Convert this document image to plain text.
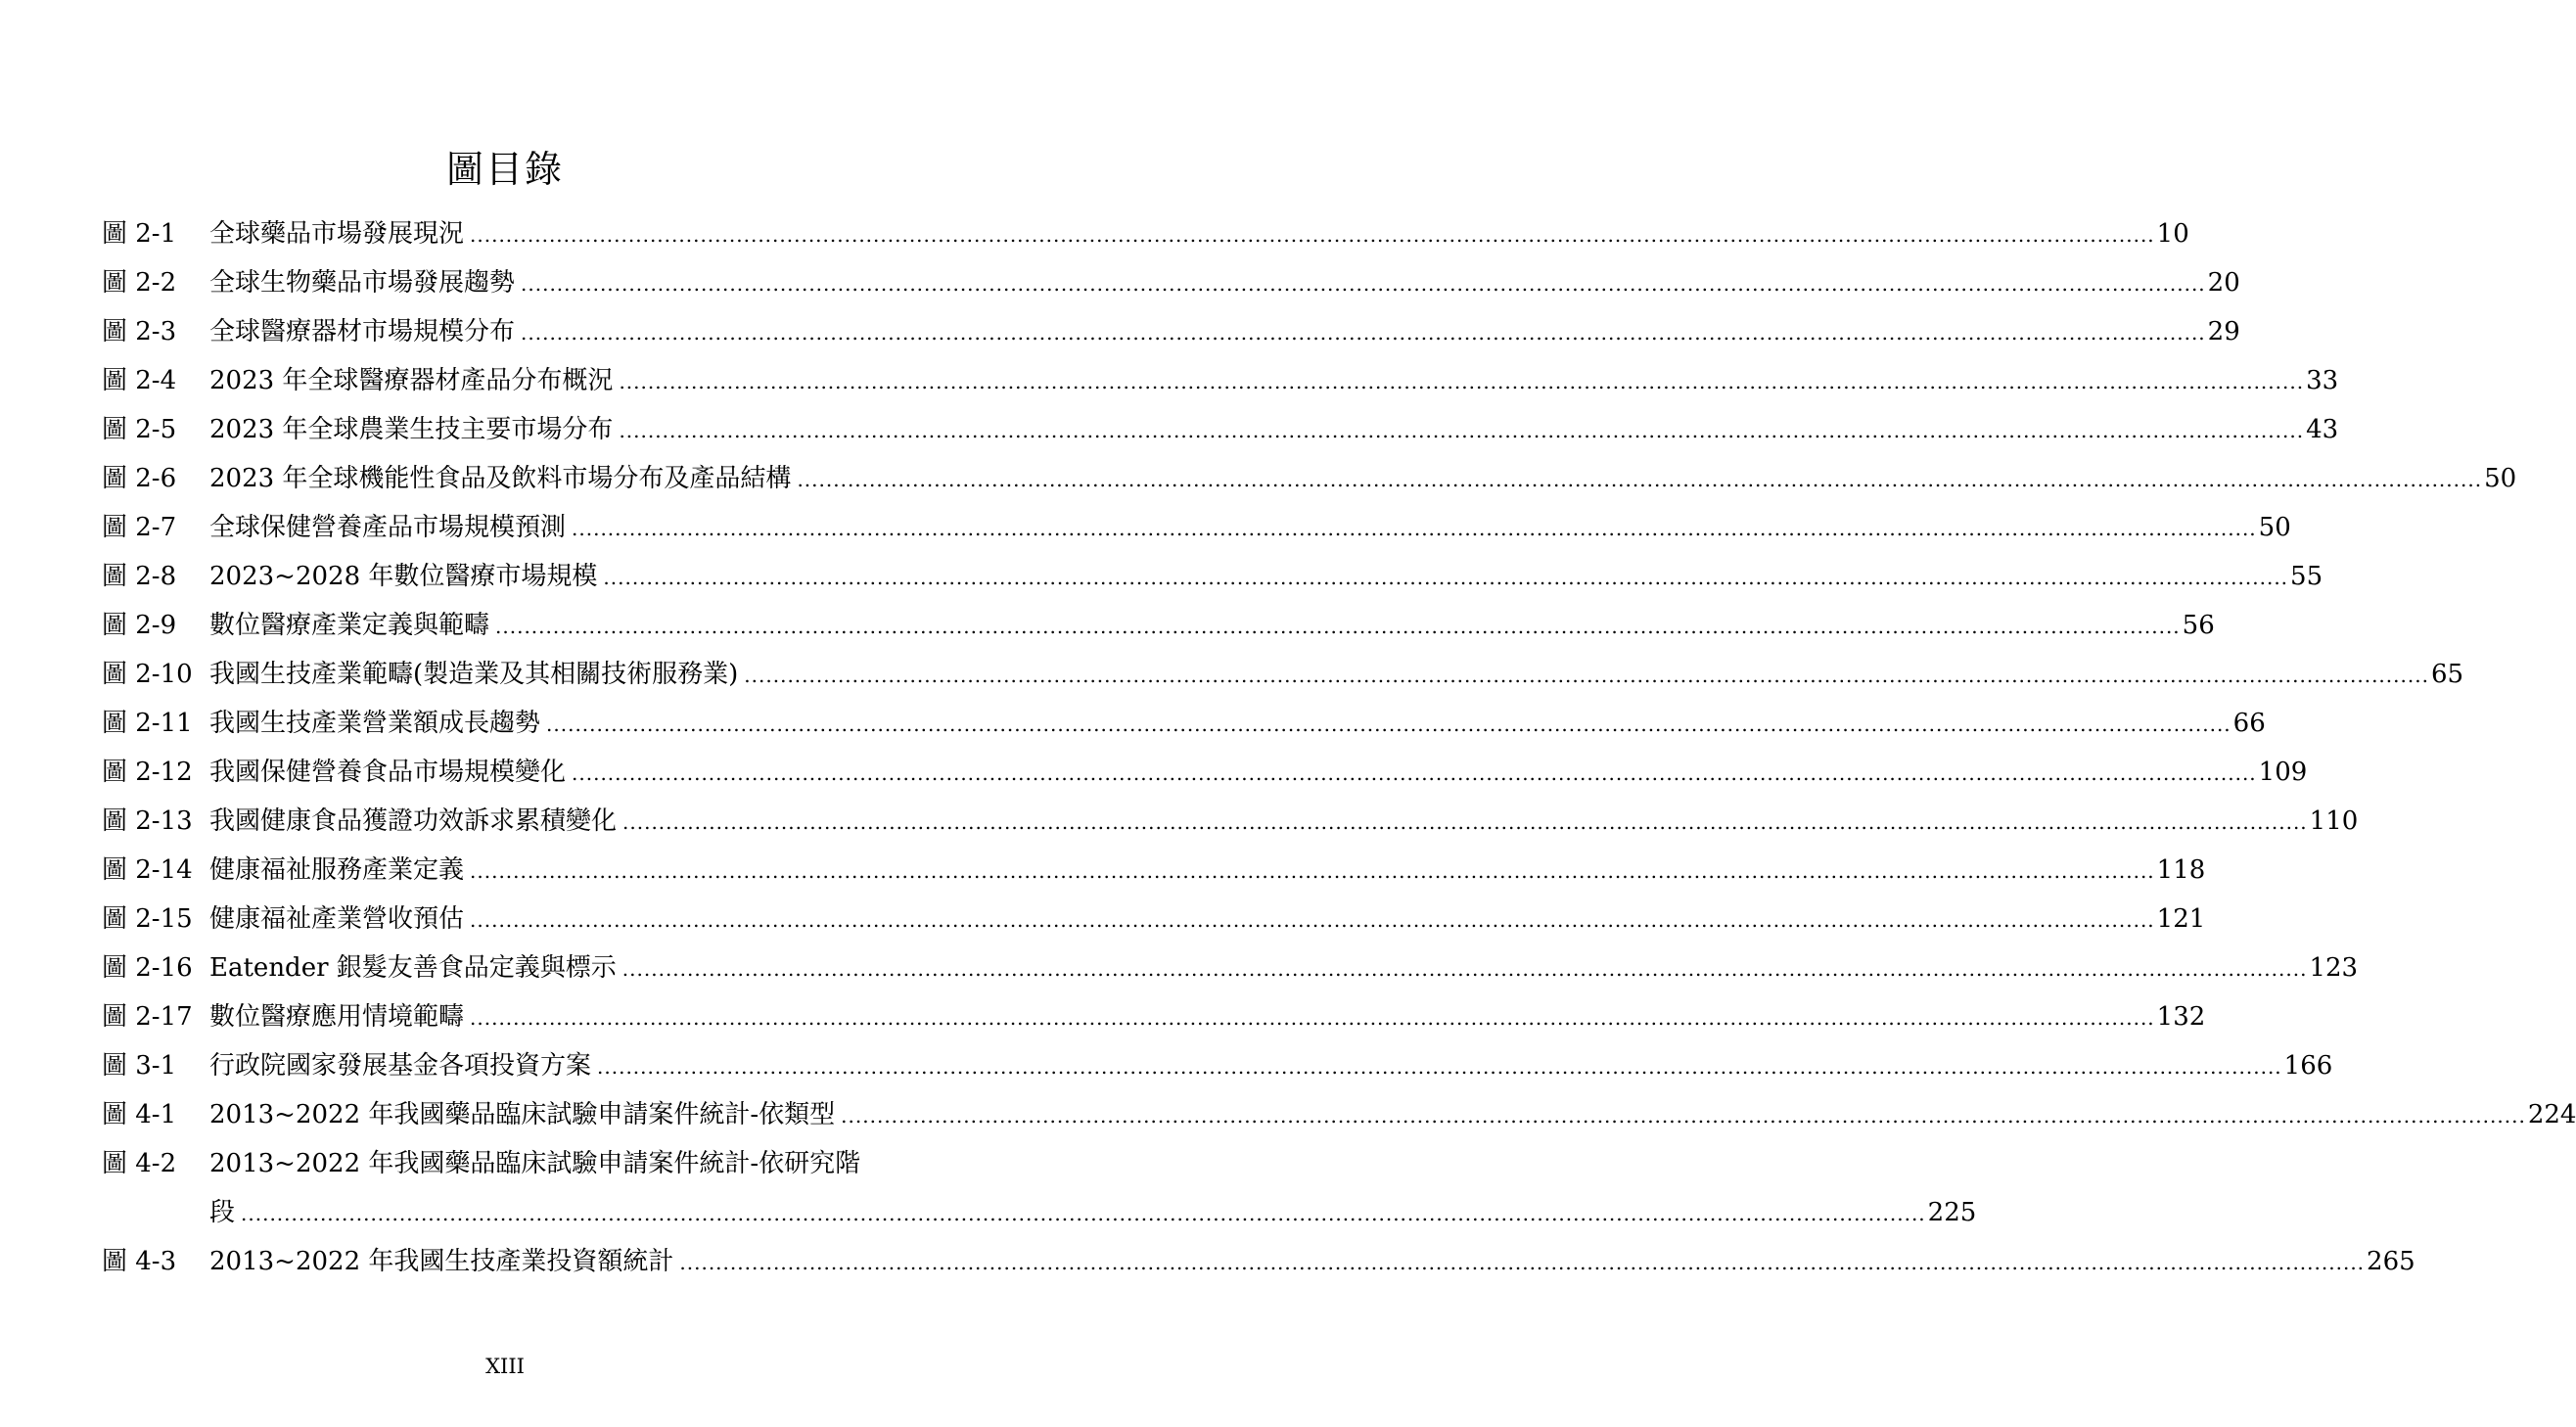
圖目錄
圖 2-1	全球藥品市場發展現況 .....	10
圖 2-2	全球生物藥品市場發展趨勢 .....	20
圖 2-3	全球醫療器材市場規模分布 .....	29
圖 2-4	2023 年全球醫療器材產品分布概況 .....	33
圖 2-5	2023 年全球農業生技主要市場分布 .....	43
圖 2-6	2023 年全球機能性食品及飲料市場分布及產品結構 .....	50
圖 2-7	全球保健營養產品市場規模預測 .....	50
圖 2-8	2023~2028 年數位醫療市場規模 .....	55
圖 2-9	數位醫療產業定義與範疇 .....	56
圖 2-10 我國生技產業範疇(製造業及其相關技術服務業) .....	65
圖 2-11 我國生技產業營業額成長趨勢 .....	66
圖 2-12 我國保健營養食品市場規模變化 .....	109
圖 2-13 我國健康食品獲證功效訴求累積變化 .....	110
圖 2-14 健康福祉服務產業定義 .....	118
圖 2-15 健康福祉產業營收預估 .....	121
圖 2-16 Eatender 銀髮友善食品定義與標示 .....	123
圖 2-17 數位醫療應用情境範疇 .....	132
圖 3-1	行政院國家發展基金各項投資方案 .....	166
圖 4-1	2013~2022 年我國藥品臨床試驗申請案件統計-依類型 .....	224
圖 4-2	2013~2022 年我國藥品臨床試驗申請案件統計-依研究階
段 .....	225
圖 4-3	2013~2022 年我國生技產業投資額統計 .....	265
XIII
